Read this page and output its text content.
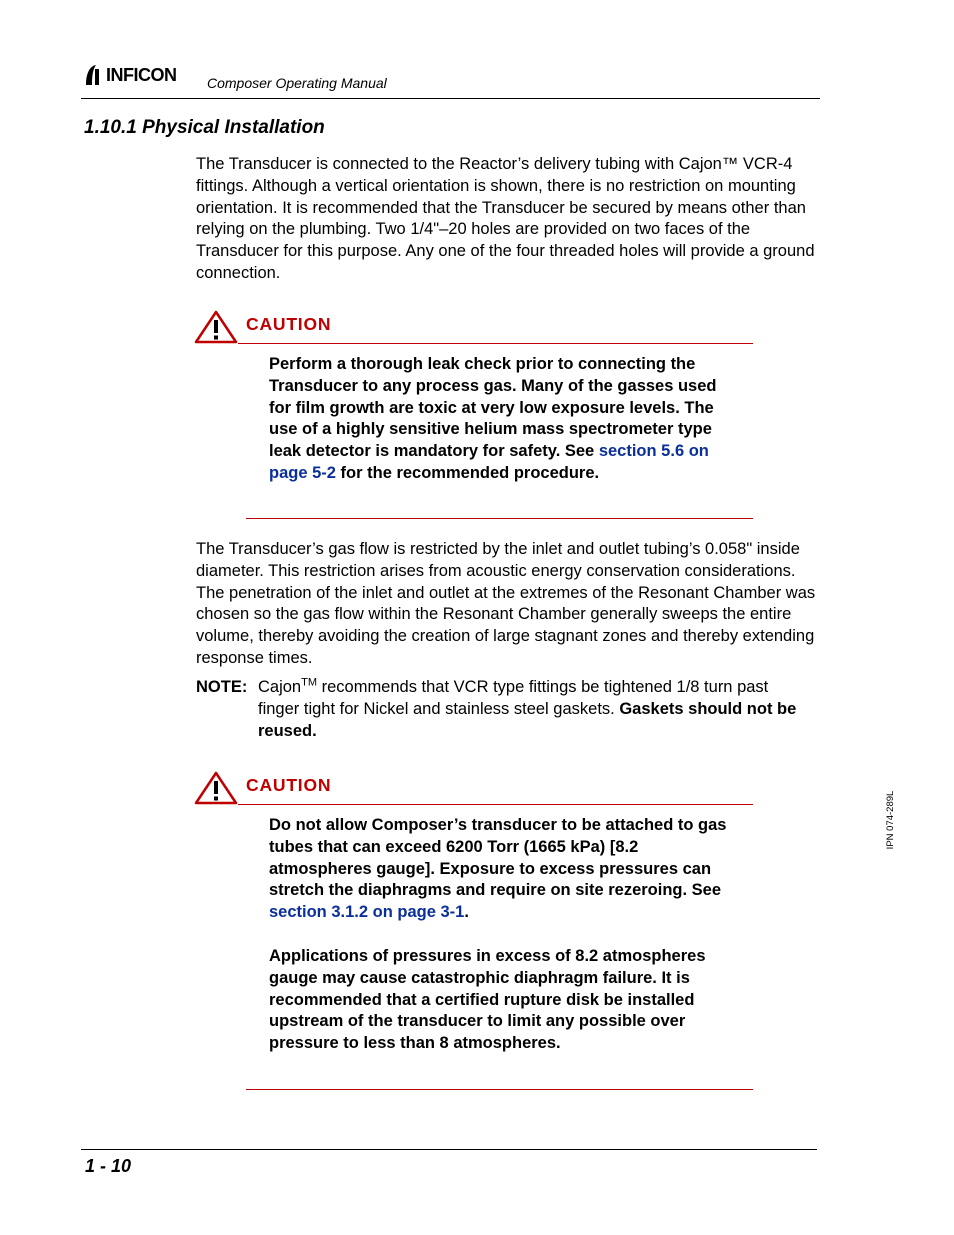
INFICON Composer Operating Manual
1.10.1 Physical Installation

The Transducer is connected to the Reactor’s delivery tubing with Cajon™ VCR-4 fittings. Although a vertical orientation is shown, there is no restriction on mounting orientation. It is recommended that the Transducer be secured by means other than relying on the plumbing. Two 1/4"–20 holes are provided on two faces of the Transducer for this purpose. Any one of the four threaded holes will provide a ground connection.

CAUTION

Perform a thorough leak check prior to connecting the Transducer to any process gas. Many of the gasses used for film growth are toxic at very low exposure levels. The use of a highly sensitive helium mass spectrometer type leak detector is mandatory for safety. See section 5.6 on page 5-2 for the recommended procedure.

The Transducer’s gas flow is restricted by the inlet and outlet tubing’s 0.058" inside diameter. This restriction arises from acoustic energy conservation considerations. The penetration of the inlet and outlet at the extremes of the Resonant Chamber was chosen so the gas flow within the Resonant Chamber generally sweeps the entire volume, thereby avoiding the creation of large stagnant zones and thereby extending response times.

NOTE: Cajon™ recommends that VCR type fittings be tightened 1/8 turn past finger tight for Nickel and stainless steel gaskets. Gaskets should not be reused.
CAUTION

Do not allow Composer’s transducer to be attached to gas tubes that can exceed 6200 Torr (1665 kPa) [8.2 atmospheres gauge]. Exposure to excess pressures can stretch the diaphragms and require on site rezeroing. See section 3.1.2 on page 3-1.

Applications of pressures in excess of 8.2 atmospheres gauge may cause catastrophic diaphragm failure. It is recommended that a certified rupture disk be installed upstream of the transducer to limit any possible over pressure to less than 8 atmospheres.

IPN 074-289L
1 - 10
